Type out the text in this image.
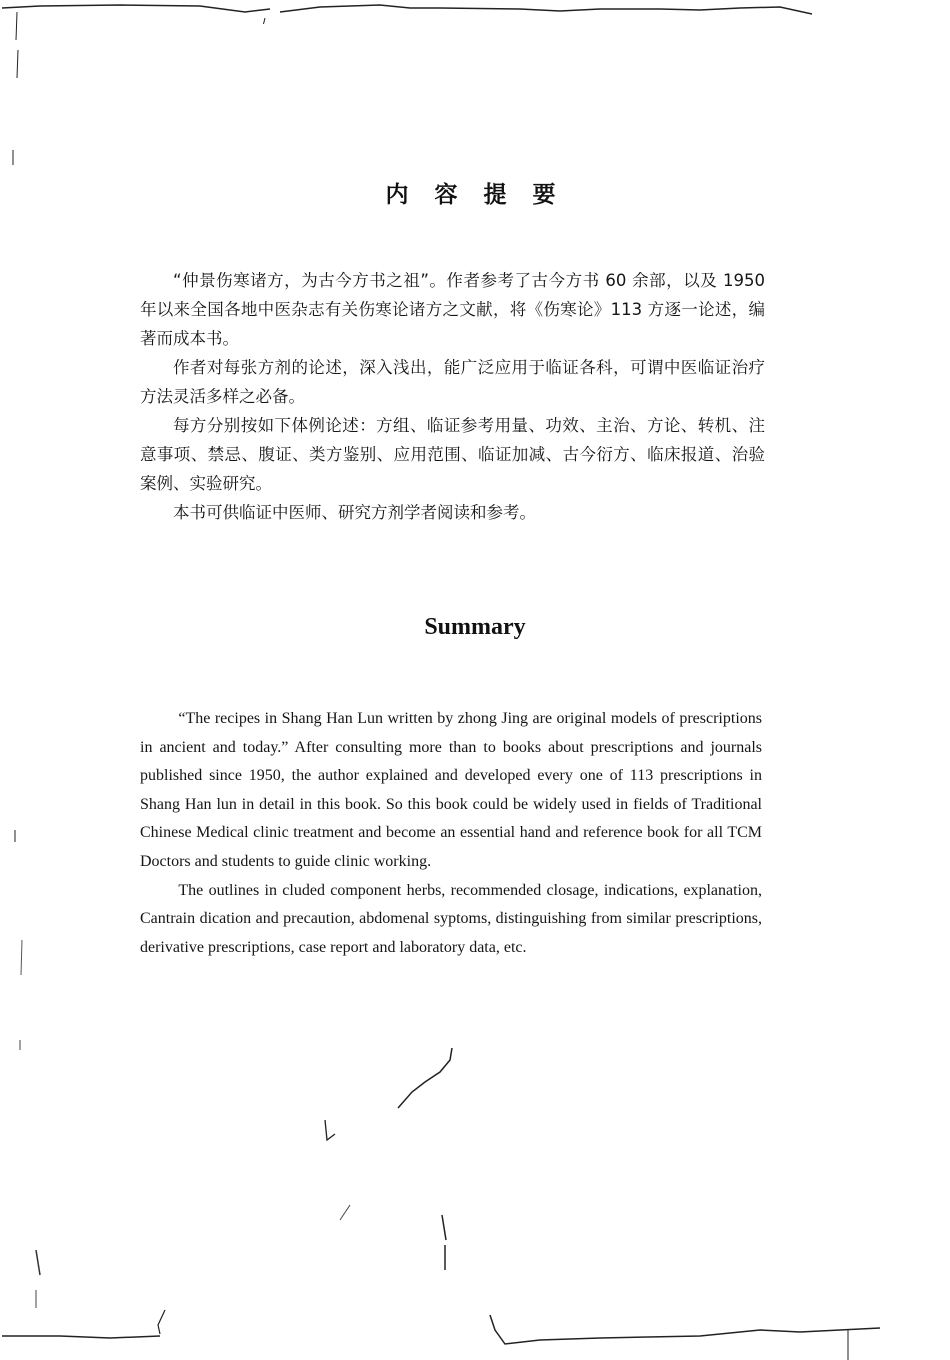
内 容 提 要

“仲景伤寒诸方，为古今方书之祖”。作者参考了古今方书 60 余部，以及 1950 年以来全国各地中医杂志有关伤寒论诸方之文献，将《伤寒论》113 方逐一论述，编著而成本书。

作者对每张方剂的论述，深入浅出，能广泛应用于临证各科，可谓中医临证治疗方法灵活多样之必备。

每方分别按如下体例论述：方组、临证参考用量、功效、主治、方论、转机、注意事项、禁忌、腹证、类方鉴别、应用范围、临证加减、古今衍方、临床报道、治验案例、实验研究。

本书可供临证中医师、研究方剂学者阅读和参考。

Summary

“The recipes in Shang Han Lun written by zhong Jing are original models of prescriptions in ancient and today.” After consulting more than to books about prescriptions and journals published since 1950, the author explained and developed every one of 113 prescriptions in Shang Han lun in detail in this book. So this book could be widely used in fields of Traditional Chinese Medical clinic treatment and become an essential hand and reference book for all TCM Doctors and students to guide clinic working.

The outlines in cluded component herbs, recommended closage, indications, explanation, Cantrain dication and precaution, abdomenal syptoms, distinguishing from similar prescriptions, derivative prescriptions, case report and laboratory data, etc.
